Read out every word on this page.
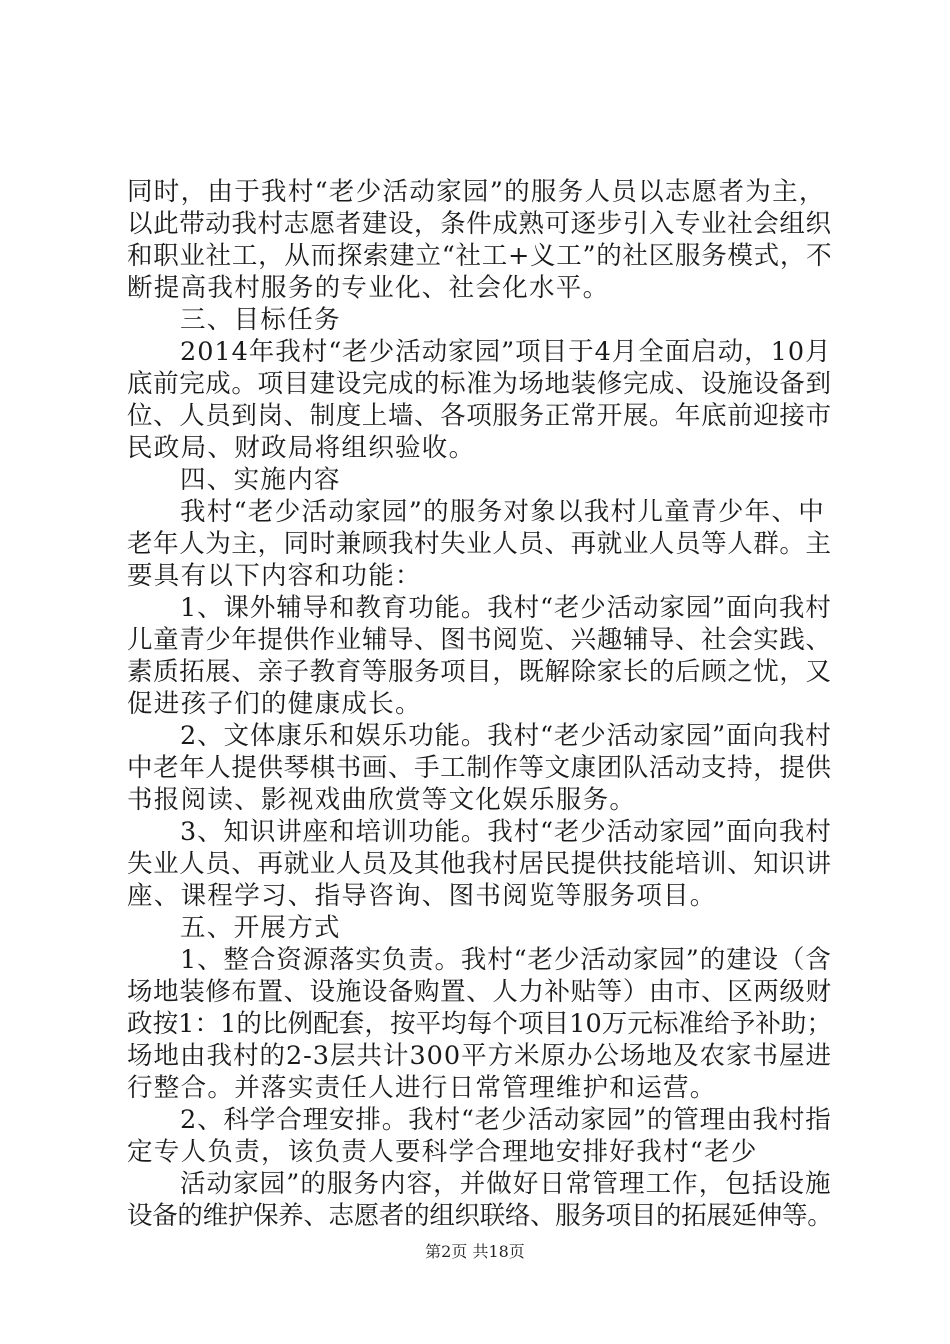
同时，由于我村“老少活动家园”的服务人员以志愿者为主，
以此带动我村志愿者建设，条件成熟可逐步引入专业社会组织
和职业社工，从而探索建立“社工+义工”的社区服务模式，不
断提高我村服务的专业化、社会化水平。
三、目标任务
2014年我村“老少活动家园”项目于4月全面启动，10月
底前完成。项目建设完成的标准为场地装修完成、设施设备到
位、人员到岗、制度上墙、各项服务正常开展。年底前迎接市
民政局、财政局将组织验收。
四、实施内容
我村“老少活动家园”的服务对象以我村儿童青少年、中
老年人为主，同时兼顾我村失业人员、再就业人员等人群。主
要具有以下内容和功能：
1、课外辅导和教育功能。我村“老少活动家园”面向我村
儿童青少年提供作业辅导、图书阅览、兴趣辅导、社会实践、
素质拓展、亲子教育等服务项目，既解除家长的后顾之忧，又
促进孩子们的健康成长。
2、文体康乐和娱乐功能。我村“老少活动家园”面向我村
中老年人提供琴棋书画、手工制作等文康团队活动支持，提供
书报阅读、影视戏曲欣赏等文化娱乐服务。
3、知识讲座和培训功能。我村“老少活动家园”面向我村
失业人员、再就业人员及其他我村居民提供技能培训、知识讲
座、课程学习、指导咨询、图书阅览等服务项目。
五、开展方式
1、整合资源落实负责。我村“老少活动家园”的建设（含
场地装修布置、设施设备购置、人力补贴等）由市、区两级财
政按1：1的比例配套，按平均每个项目10万元标准给予补助；
场地由我村的2-3层共计300平方米原办公场地及农家书屋进
行整合。并落实责任人进行日常管理维护和运营。
2、科学合理安排。我村“老少活动家园”的管理由我村指
定专人负责，该负责人要科学合理地安排好我村“老少
活动家园”的服务内容，并做好日常管理工作，包括设施
设备的维护保养、志愿者的组织联络、服务项目的拓展延伸等。
第2页 共18页
